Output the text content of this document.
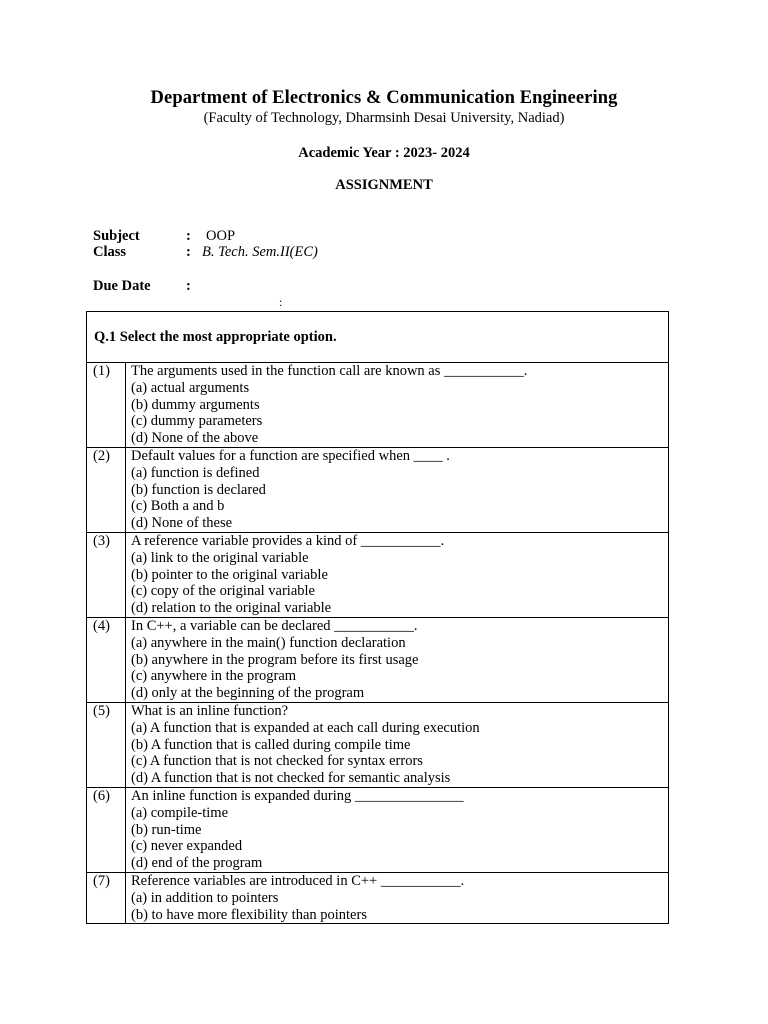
Department of Electronics & Communication Engineering
(Faculty of Technology, Dharmsinh Desai University, Nadiad)
Academic Year : 2023- 2024
ASSIGNMENT
Subject	: OOP
Class	: B. Tech. Sem.II(EC)
Due Date :
:
Q.1 Select the most appropriate option.	

(1)	The arguments used in the function call are known as ___________.
(a) actual arguments
(b) dummy arguments
(c) dummy parameters
(d) None of the above

(2)	Default values for a function are specified when ____ .
(a) function is defined
(b) function is declared
(c) Both a and b
(d) None of these

(3)	A reference variable provides a kind of ___________.
(a) link to the original variable
(b) pointer to the original variable
(c) copy of the original variable
(d) relation to the original variable

(4)	In C++, a variable can be declared ___________.
(a) anywhere in the main() function declaration
(b) anywhere in the program before its first usage
(c) anywhere in the program
(d) only at the beginning of the program

(5)	What is an inline function?
(a) A function that is expanded at each call during execution
(b) A function that is called during compile time
(c) A function that is not checked for syntax errors
(d) A function that is not checked for semantic analysis

(6)	An inline function is expanded during _______________
(a) compile-time
(b) run-time
(c) never expanded
(d) end of the program

(7)	Reference variables are introduced in C++ ___________.
(a) in addition to pointers
(b) to have more flexibility than pointers
